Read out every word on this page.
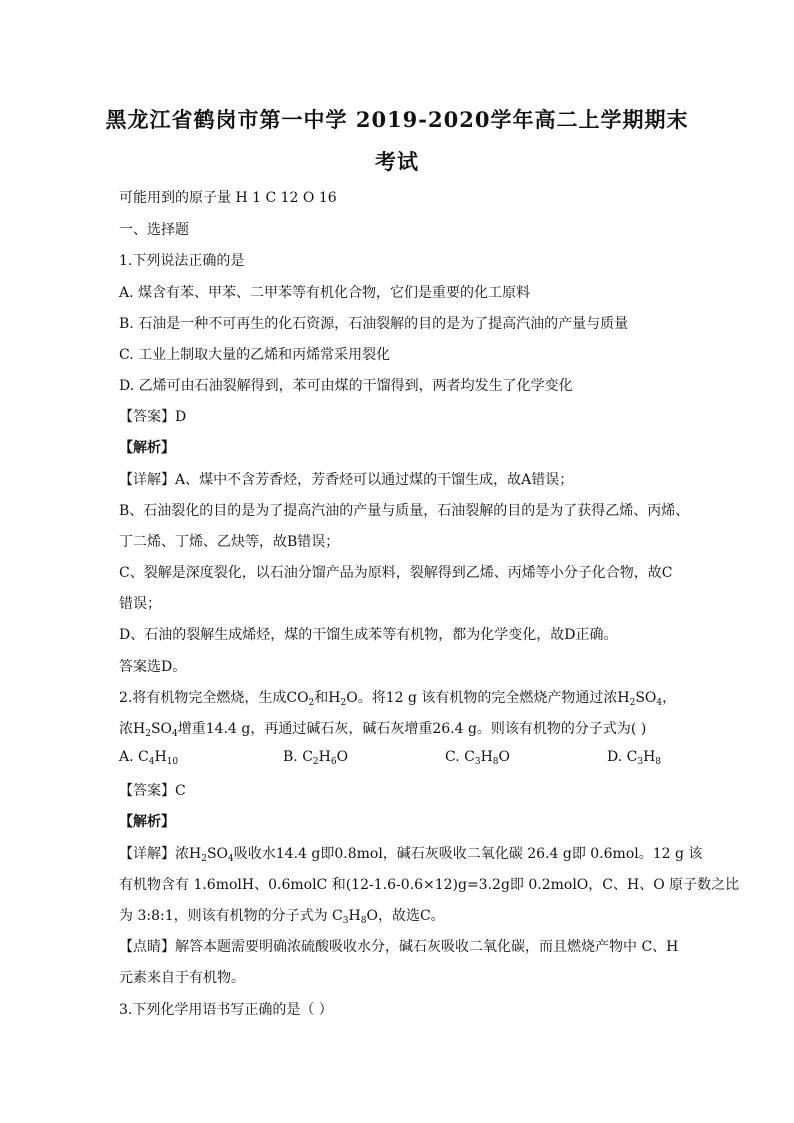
黑龙江省鹤岗市第一中学 2019-2020学年高二上学期期末
考试
可能用到的原子量 H 1 C 12 O 16
一、选择题
1.下列说法正确的是
A. 煤含有苯、甲苯、二甲苯等有机化合物，它们是重要的化工原料
B. 石油是一种不可再生的化石资源，石油裂解的目的是为了提高汽油的产量与质量
C. 工业上制取大量的乙烯和丙烯常采用裂化
D. 乙烯可由石油裂解得到，苯可由煤的干馏得到，两者均发生了化学变化
【答案】D
【解析】
【详解】A、煤中不含芳香烃，芳香烃可以通过煤的干馏生成，故A错误；
B、石油裂化的目的是为了提高汽油的产量与质量，石油裂解的目的是为了获得乙烯、丙烯、
丁二烯、丁烯、乙炔等，故B错误；
C、裂解是深度裂化，以石油分馏产品为原料，裂解得到乙烯、丙烯等小分子化合物，故C
错误；
D、石油的裂解生成烯烃，煤的干馏生成苯等有机物，都为化学变化，故D正确。
答案选D。
2.将有机物完全燃烧，生成$CO_2$和$H_2O$。将12 g 该有机物的完全燃烧产物通过浓$H_2SO_4$，
浓$H_2SO_4$增重14.4 g，再通过碱石灰，碱石灰增重26.4 g。则该有机物的分子式为( )
A. $C_4H_{10}$	B. $C_2H_6O$	C. $C_3H_8O$	D. $C_3H_8$
【答案】C
【解析】
【详解】浓$H_2SO_4$吸收水14.4 g即0.8mol，碱石灰吸收二氧化碳 26.4 g即 0.6mol。12 g 该
有机物含有 1.6molH、0.6molC 和(12-1.6-0.6×12)g=3.2g即 0.2molO，C、H、O 原子数之比
为 3:8:1，则该有机物的分子式为 $C_3H_8O$，故选C。
【点睛】解答本题需要明确浓硫酸吸收水分，碱石灰吸收二氧化碳，而且燃烧产物中 C、H
元素来自于有机物。
3.下列化学用语书写正确的是（ ）
